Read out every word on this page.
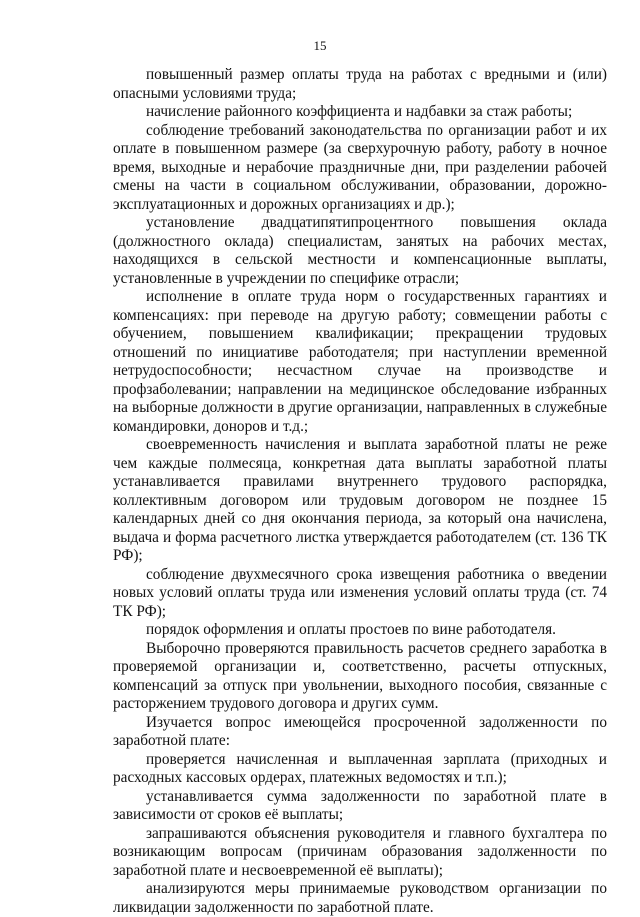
15

повышенный размер оплаты труда на работах с вредными и (или) опасными условиями труда;

начисление районного коэффициента и надбавки за стаж работы;

соблюдение требований законодательства по организации работ и их оплате в повышенном размере (за сверхурочную работу, работу в ночное время, выходные и нерабочие праздничные дни, при разделении рабочей смены на части в социальном обслуживании, образовании, дорожно-эксплуатационных и дорожных организациях и др.);

установление двадцатипятипроцентного повышения оклада (должностного оклада) специалистам, занятых на рабочих местах, находящихся в сельской местности и компенсационные выплаты, установленные в учреждении по специфике отрасли;

исполнение в оплате труда норм о государственных гарантиях и компенсациях: при переводе на другую работу; совмещении работы с обучением, повышением квалификации; прекращении трудовых отношений по инициативе работодателя; при наступлении временной нетрудоспособности; несчастном случае на производстве и профзаболевании; направлении на медицинское обследование избранных на выборные должности в другие организации, направленных в служебные командировки, доноров и т.д.;

своевременность начисления и выплата заработной платы не реже чем каждые полмесяца, конкретная дата выплаты заработной платы устанавливается правилами внутреннего трудового распорядка, коллективным договором или трудовым договором не позднее 15 календарных дней со дня окончания периода, за который она начислена, выдача и форма расчетного листка утверждается работодателем (ст. 136 ТК РФ);

соблюдение двухмесячного срока извещения работника о введении новых условий оплаты труда или изменения условий оплаты труда (ст. 74 ТК РФ);

порядок оформления и оплаты простоев по вине работодателя.

Выборочно проверяются правильность расчетов среднего заработка в проверяемой организации и, соответственно, расчеты отпускных, компенсаций за отпуск при увольнении, выходного пособия, связанные с расторжением трудового договора и других сумм.

Изучается вопрос имеющейся просроченной задолженности по заработной плате:

проверяется начисленная и выплаченная зарплата (приходных и расходных кассовых ордерах, платежных ведомостях и т.п.);

устанавливается сумма задолженности по заработной плате в зависимости от сроков её выплаты;

запрашиваются объяснения руководителя и главного бухгалтера по возникающим вопросам (причинам образования задолженности по заработной плате и несвоевременной её выплаты);

анализируются меры принимаемые руководством организации по ликвидации задолженности по заработной плате.
